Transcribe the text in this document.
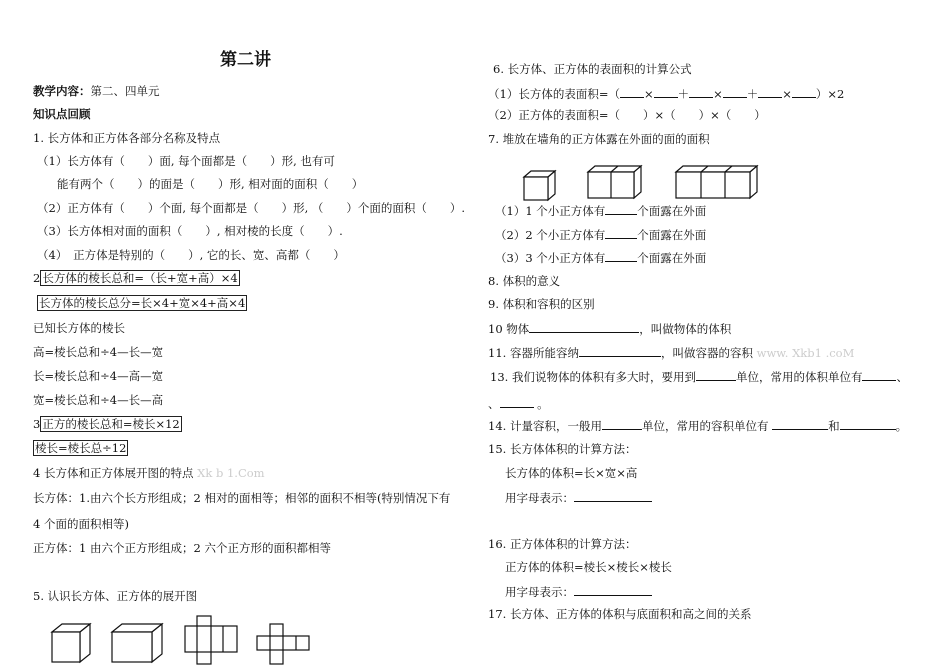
第二讲
教学内容：第二、四单元
知识点回顾
1. 长方体和正方体各部分名称及特点
（1）长方体有（　　）面, 每个面都是（　　）形, 也有可
能有两个（　　）的面是（　　）形, 相对面的面积（　　）
（2）正方体有（　　）个面, 每个面都是（　　）形, （　　）个面的面积（　　）.
（3）长方体相对面的面积（　　）, 相对棱的长度（　　）.
（4）　正方体是特别的（　　）, 它的长、宽、高都（　　）
2 长方体的棱长总和=（长+宽+高）×4
长方体的棱长总分=长×4+宽×4+高×4
已知长方体的棱长
高=棱长总和÷4—长—宽
长=棱长总和÷4—高—宽
宽=棱长总和÷4—长—高
3 正方的棱长总和=棱长×12
棱长=棱长总÷12
4 长方体和正方体展开图的特点 Xk b 1.Com
长方体：1.由六个长方形组成；2 相对的面相等；相邻的面积不相等(特别情况下有
4 个面的面积相等)
正方体：1 由六个正方形组成；2 六个正方形的面积都相等
5. 认识长方体、正方体的展开图
6. 长方体、正方体的表面积的计算公式
（1）长方体的表面积=（ × ＋ × ＋ × ）×2
（2）正方体的表面积=（　　）×（　　）×（　　）
7. 堆放在墙角的正方体露在外面的面的面积
（1）1 个小正方体有	个面露在外面
（2）2 个小正方体有	个面露在外面
（3）3 个小正方体有	个面露在外面
8. 体积的意义
9. 体积和容积的区别
10 物体	，叫做物体的体积
11. 容器所能容纳	，叫做容器的容积 www. Xkb1 .coM
13. 我们说物体的体积有多大时，要用到	单位，常用的体积单位有	、
、	。
14. 计量容积，一般用	单位，常用的容积单位有	和	。
15. 长方体体积的计算方法：
长方体的体积=长×宽×高
用字母表示：
16. 正方体体积的计算方法：
正方体的体积=棱长×棱长×棱长
用字母表示：
17. 长方体、正方体的体积与底面积和高之间的关系
